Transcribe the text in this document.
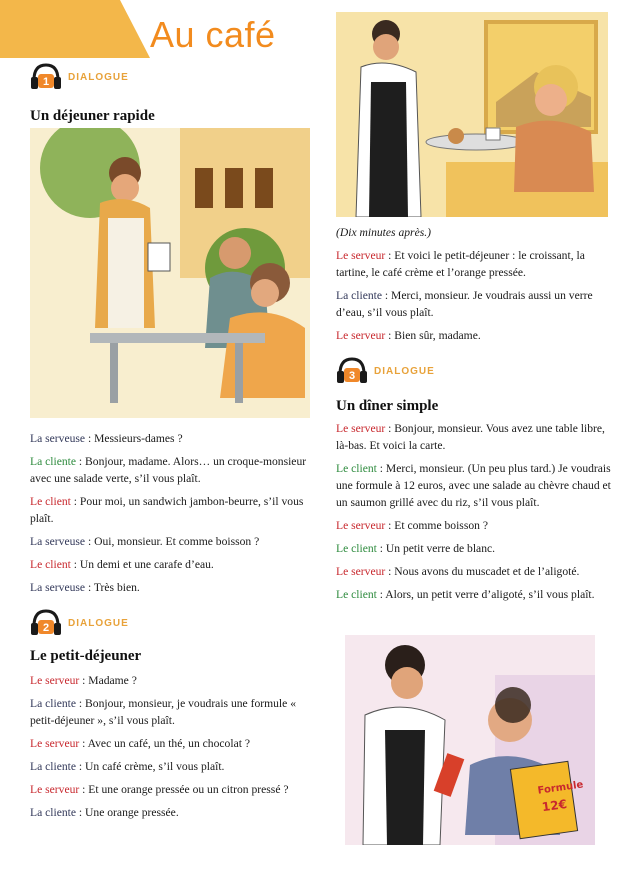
Au café
1 DIALOGUE
Un déjeuner rapide

La serveuse : Messieurs-dames ?

La cliente : Bonjour, madame. Alors… un croque-monsieur avec une salade verte, s’il vous plaît.

Le client : Pour moi, un sandwich jambon-beurre, s’il vous plaît.

La serveuse : Oui, monsieur. Et comme boisson ?

Le client : Un demi et une carafe d’eau.

La serveuse : Très bien.

2 DIALOGUE
Le petit-déjeuner

Le serveur : Madame ?

La cliente : Bonjour, monsieur, je voudrais une formule « petit-déjeuner », s’il vous plaît.

Le serveur : Avec un café, un thé, un chocolat ?

La cliente : Un café crème, s’il vous plaît.

Le serveur : Et une orange pressée ou un citron pressé ?

La cliente : Une orange pressée.

(Dix minutes après.)

Le serveur : Et voici le petit-déjeuner : le croissant, la tartine, le café crème et l’orange pressée.

La cliente : Merci, monsieur. Je voudrais aussi un verre d’eau, s’il vous plaît.

Le serveur : Bien sûr, madame.

3 DIALOGUE
Un dîner simple

Le serveur : Bonjour, monsieur. Vous avez une table libre, là-bas. Et voici la carte.

Le client : Merci, monsieur. (Un peu plus tard.) Je voudrais une formule à 12 euros, avec une salade au chèvre chaud et un saumon grillé avec du riz, s’il vous plaît.

Le serveur : Et comme boisson ?

Le client : Un petit verre de blanc.

Le serveur : Nous avons du muscadet et de l’aligoté.

Le client : Alors, un petit verre d’aligoté, s’il vous plaît.

Formule
12€
